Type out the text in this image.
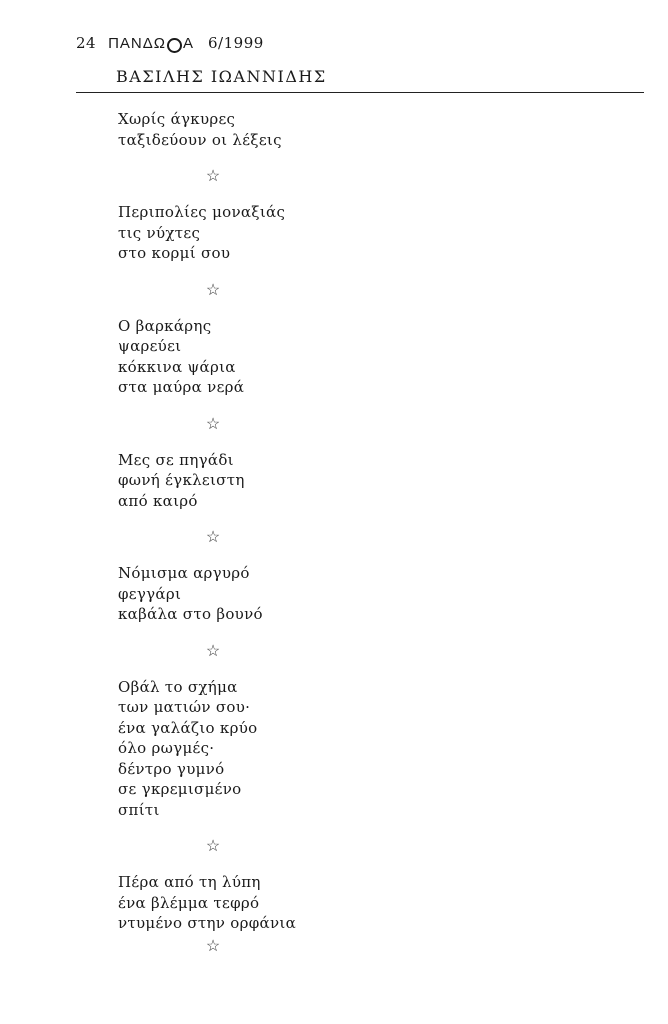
24 ΠΑΝΔΩ Α 6/1999
ΒΑΣΙΛΗΣ ΙΩΑΝΝΙΔΗΣ
Χωρίς άγκυρες
ταξιδεύουν οι λέξεις
☆
Περιπολίες μοναξιάς
τις νύχτες
στο κορμί σου
☆
Ο βαρκάρης
ψαρεύει
κόκκινα ψάρια
στα μαύρα νερά
☆
Μες σε πηγάδι
φωνή έγκλειστη
από καιρό
☆
Νόμισμα αργυρό
φεγγάρι
καβάλα στο βουνό
☆
Οβάλ το σχήμα
των ματιών σου·
ένα γαλάζιο κρύο
όλο ρωγμές·
δέντρο γυμνό
σε γκρεμισμένο
σπίτι
☆
Πέρα από τη λύπη
ένα βλέμμα τεφρό
ντυμένο στην ορφάνια
☆
